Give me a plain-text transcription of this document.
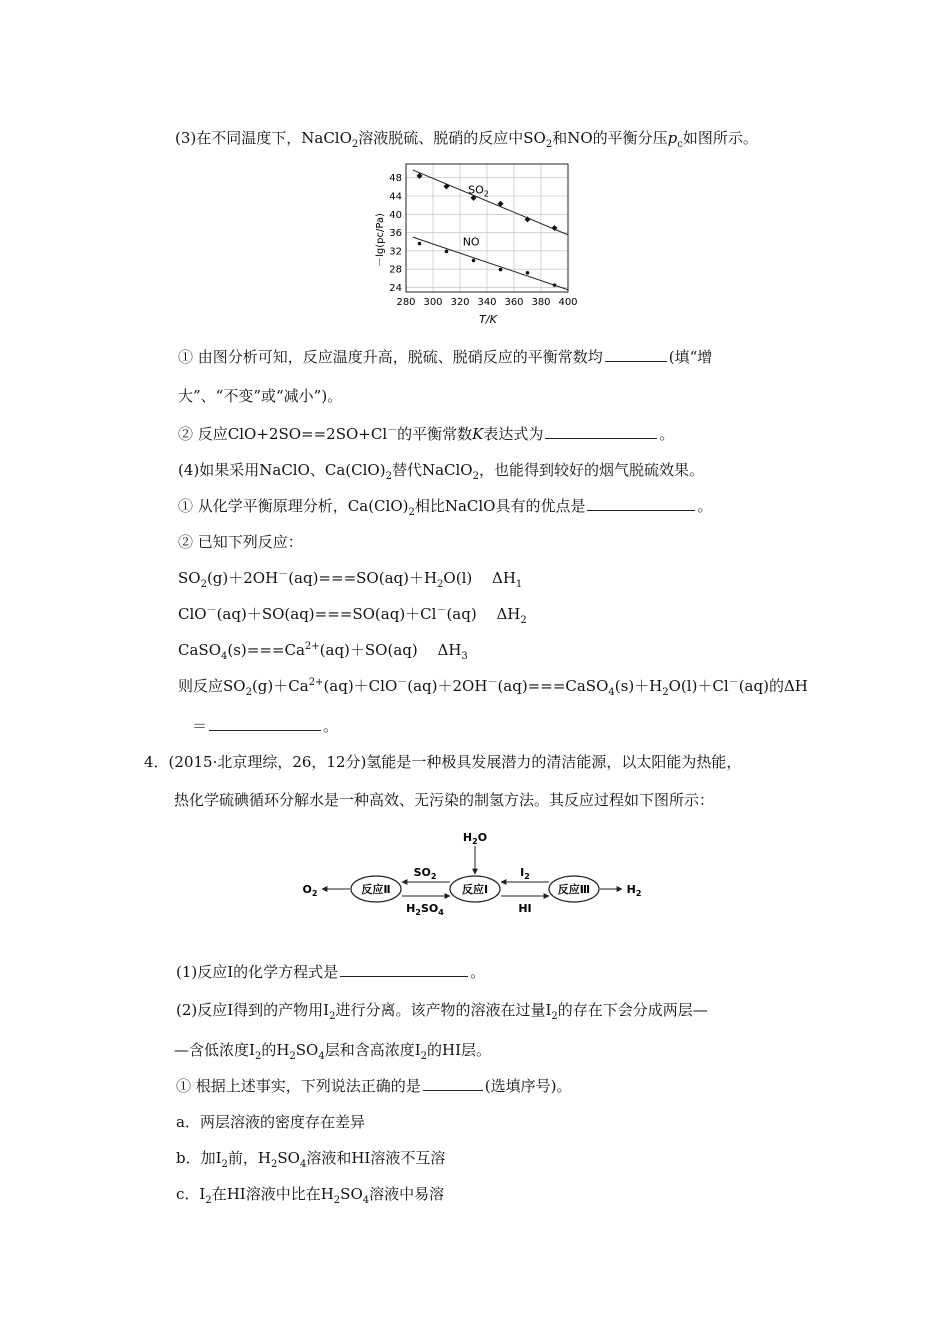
(3)在不同温度下，NaClO$_2$溶液脱硫、脱硝的反应中$SO_2$和NO的平衡分压$p_c$如图所示。
280 300 320 340 360 380 400
24
28
32
36
40
44
48
$SO_2$
NO
－lg(pc/Pa)
T/K
① 由图分析可知，反应温度升高，脱硫、脱硝反应的平衡常数均	(填“增
大”、“不变”或“减小”)。
② 反应ClO+2SO==2SO+Cl－的平衡常数K表达式为	。
(4)如果采用NaClO、$Ca(ClO)_2$替代NaClO$_2$，也能得到较好的烟气脱硫效果。
① 从化学平衡原理分析，$Ca(ClO)_2$相比NaClO具有的优点是	。
② 已知下列反应：
$SO_2(g)+2OH^-(aq)===SO(aq)+H_2O(l)$　 $\Delta H_1$
ClO－(aq)＋SO(aq)===SO(aq)＋Cl－(aq)　 $\Delta H_2$
$CaSO_4(s)===Ca^{2+}(aq)+SO(aq)$　 $\Delta H_3$
则反应$SO_2(g)+Ca^{2+}(aq)+ClO^-(aq)+2OH^-(aq)===CaSO_4(s)+H_2O(l)+Cl^-(aq)$的ΔH
＝	。
4．(2015·北京理综，26，12分)氢能是一种极具发展潜力的清洁能源，以太阳能为热能，
热化学硫碘循环分解水是一种高效、无污染的制氢方法。其反应过程如下图所示：
$H_2O$
反应Ⅱ	反应Ⅰ	反应Ⅲ
$O_2$
$SO_2$
$H_2SO_4$
$I_2$
HI
$H_2$
(1)反应Ⅰ的化学方程式是	。
(2)反应Ⅰ得到的产物用$I_2$进行分离。该产物的溶液在过量$I_2$的存在下会分成两层—
—含低浓度$I_2$的$H_2SO_4$层和含高浓度$I_2$的HI层。
① 根据上述事实，下列说法正确的是	(选填序号)。
a．两层溶液的密度存在差异
b．加$I_2$前，$H_2SO_4$溶液和HI溶液不互溶
c．$I_2$在HI溶液中比在$H_2SO_4$溶液中易溶
